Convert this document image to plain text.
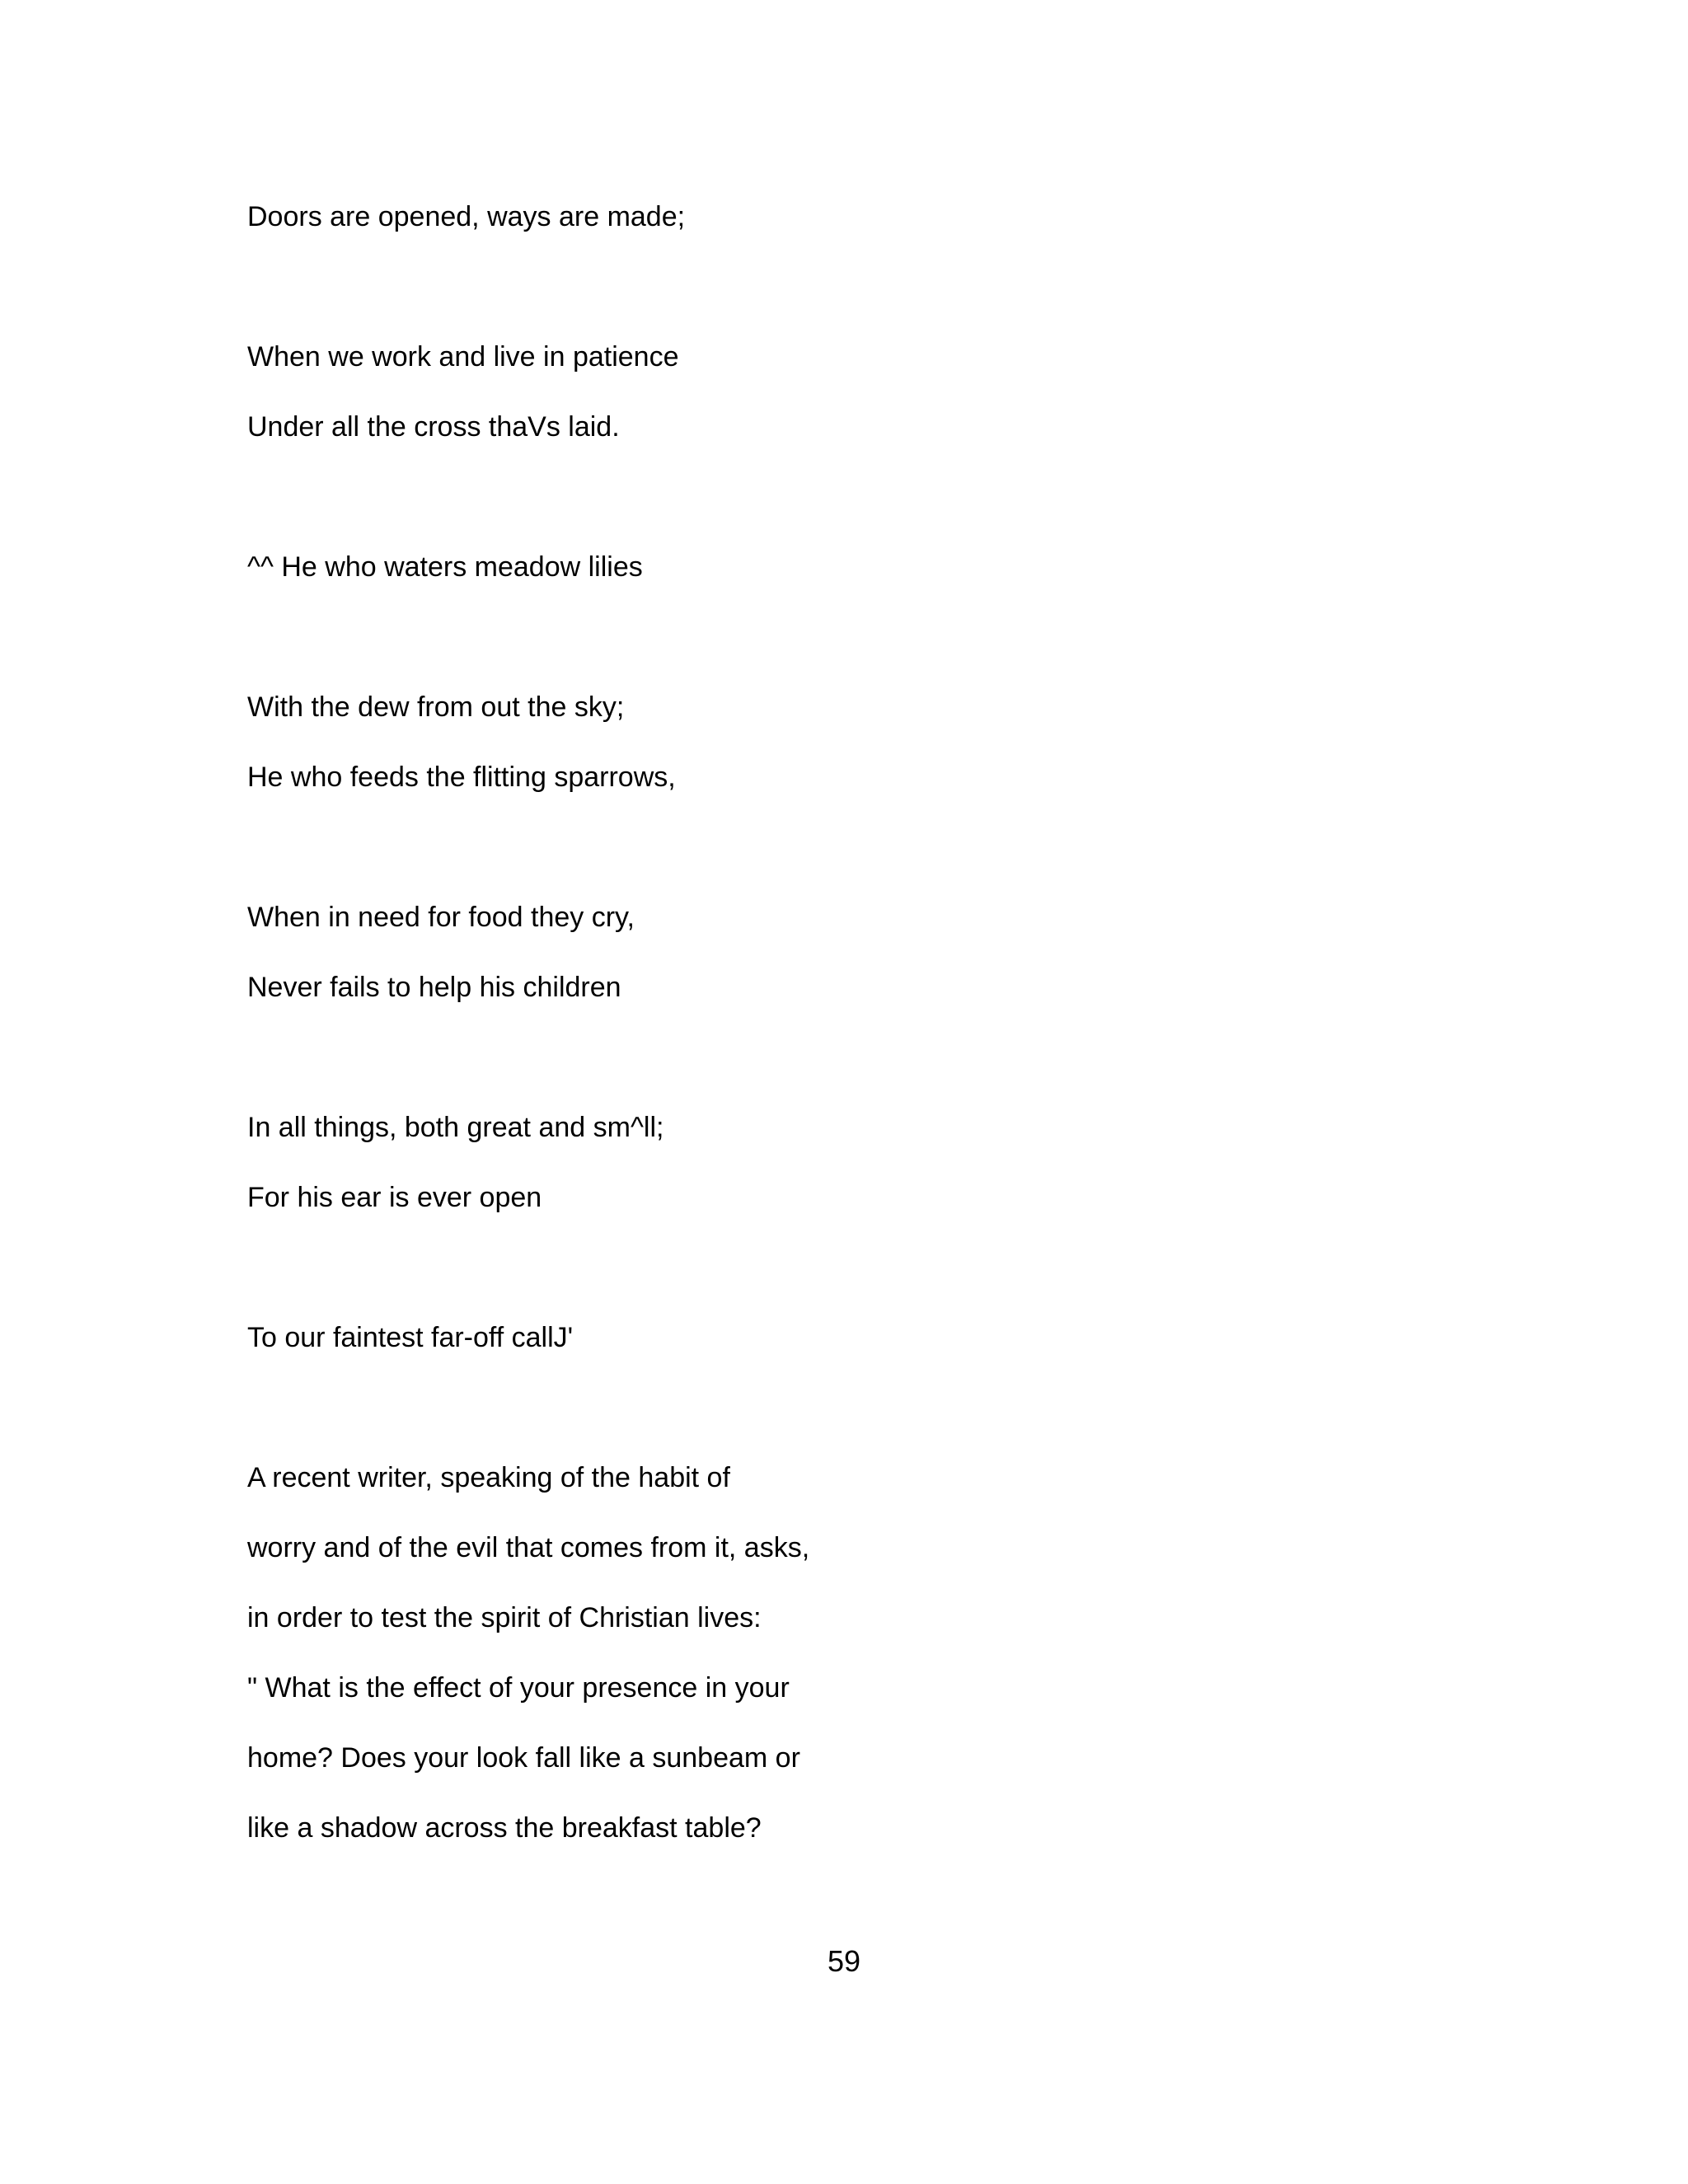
Doors are opened, ways are made;
When we work and live in patience
Under all the cross thaVs laid.
^^ He who waters meadow lilies
With the dew from out the sky;
He who feeds the flitting sparrows,
When in need for food they cry,
Never fails to help his children
In all things, both great and sm^ll;
For his ear is ever open
To our faintest far-off callJ'
A recent writer, speaking of the habit of
worry and of the evil that comes from it, asks,
in order to test the spirit of Christian lives:
" What is the effect of your presence in your
home? Does your look fall like a sunbeam or
like a shadow across the breakfast table?
59
